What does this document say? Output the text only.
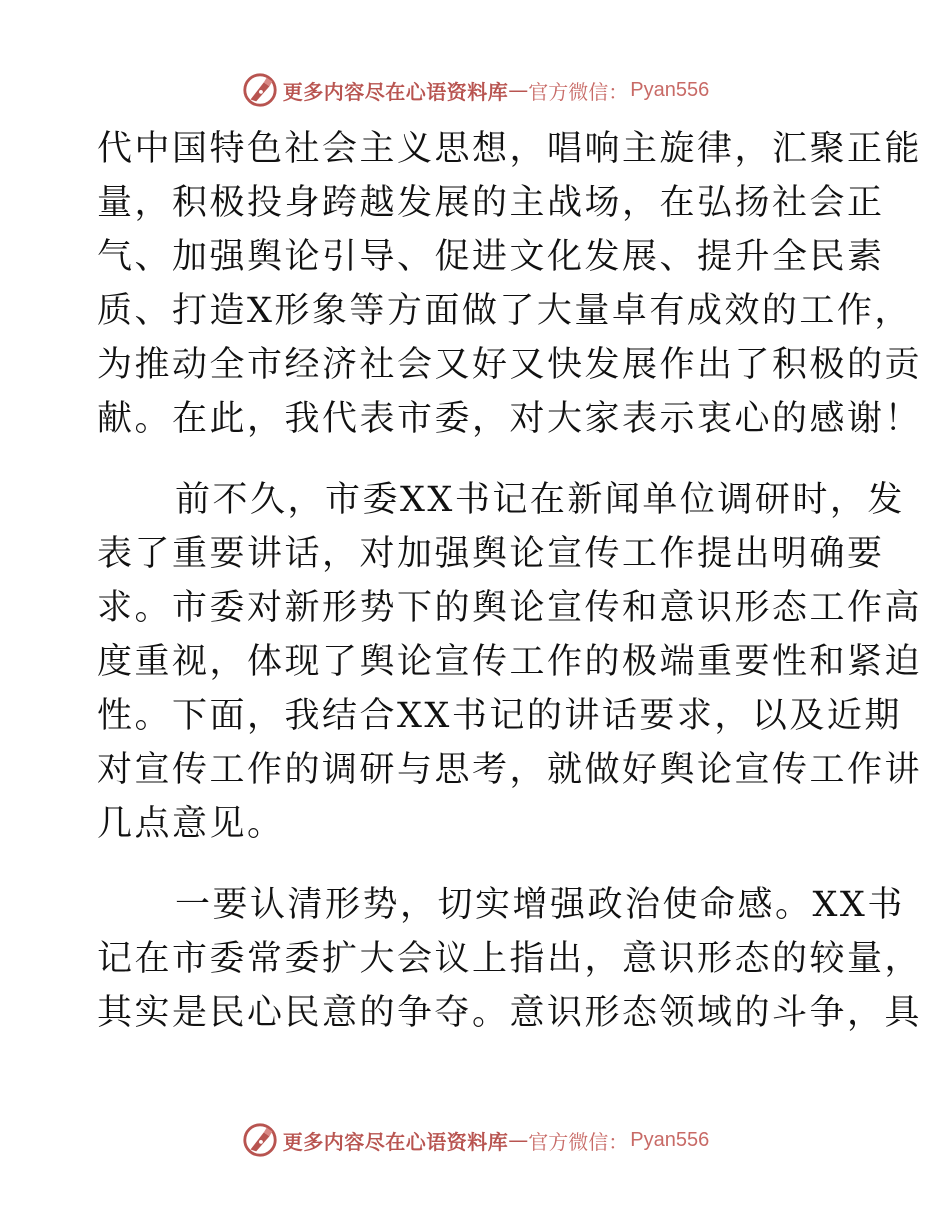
更多内容尽在心语资料库 — 官方微信： Pyan556
代中国特色社会主义思想，唱响主旋律，汇聚正能
量，积极投身跨越发展的主战场，在弘扬社会正
气、加强舆论引导、促进文化发展、提升全民素
质、打造X形象等方面做了大量卓有成效的工作，
为推动全市经济社会又好又快发展作出了积极的贡
献。在此，我代表市委，对大家表示衷心的感谢！
前不久，市委XX书记在新闻单位调研时，发
表了重要讲话，对加强舆论宣传工作提出明确要
求。市委对新形势下的舆论宣传和意识形态工作高
度重视，体现了舆论宣传工作的极端重要性和紧迫
性。下面，我结合XX书记的讲话要求，以及近期
对宣传工作的调研与思考，就做好舆论宣传工作讲
几点意见。
一要认清形势，切实增强政治使命感。XX书
记在市委常委扩大会议上指出，意识形态的较量，
其实是民心民意的争夺。意识形态领域的斗争，具
更多内容尽在心语资料库 — 官方微信： Pyan556
